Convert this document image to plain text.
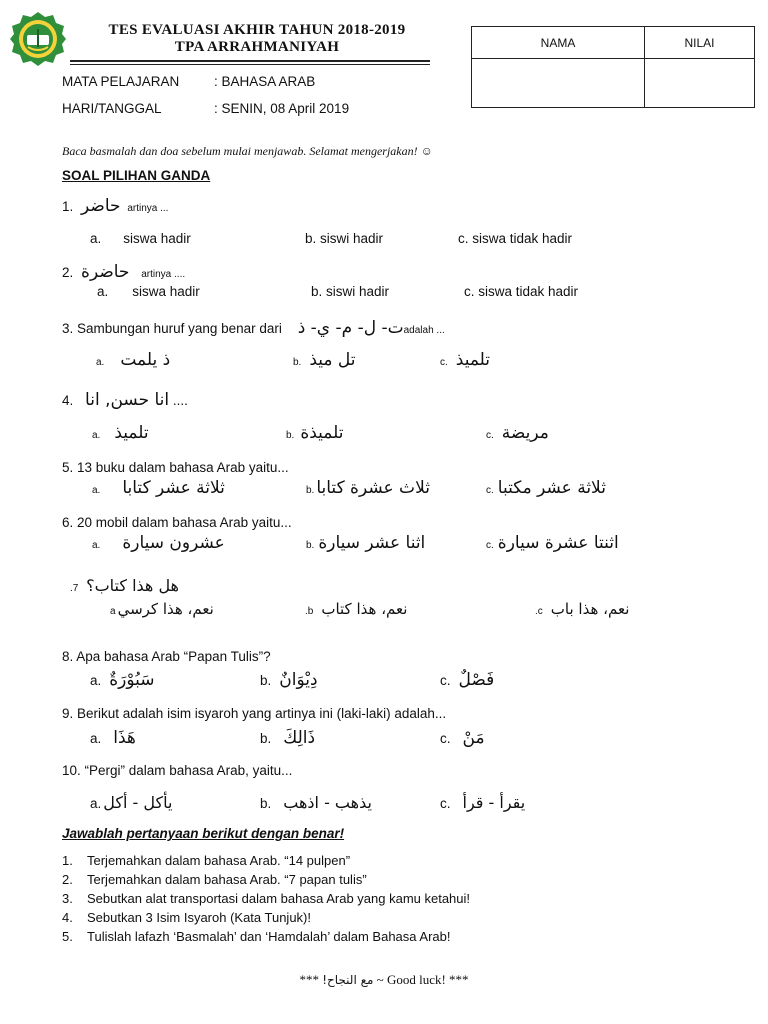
TES EVALUASI AKHIR TAHUN 2018-2019
TPA ARRAHMANIYAH	NAMA	NILAI

MATA PELAJARAN	: BAHASA ARAB
HARI/TANGGAL	: SENIN, 08 April 2019
Baca basmalah dan doa sebelum mulai menjawab. Selamat mengerjakan! ☺
SOAL PILIHAN GANDA
1. حاضر artinya ...
a. siswa hadir	b. siswi hadir	c. siswa tidak hadir
2. حاضرة artinya ....
a. siswa hadir	b. siswi hadir	c. siswa tidak hadir
3. Sambungan huruf yang benar dari ت- ل- م- ي- ذadalah ...
a. ذ يلمت	b. تل ميذ	c. تلميذ
4. انا حسن, انا ....
a. تلميذ	b. تلميذة	c. مريضة
5. 13 buku dalam bahasa Arab yaitu...
a. ثلاثة عشر كتابا	b. ثلاث عشرة كتابا	c. ثلاثة عشر مكتبا
6. 20 mobil dalam bahasa Arab yaitu...
a. عشرون سيارة	b. اثنا عشر سيارة	c. اثنتا عشرة سيارة
.7 هل هذا كتاب؟
a نعم، هذا كرسي	.b نعم، هذا كتاب	.c نعم، هذا باب
8. Apa bahasa Arab “Papan Tulis”?
a. سَبُوْرَةٌ	b. دِيْوَانٌ	c. فَصْلٌ
9. Berikut adalah isim isyaroh yang artinya ini (laki-laki) adalah...
a. هَذَا	b. ذَالِكَ	c. مَنْ
10. “Pergi” dalam bahasa Arab, yaitu...
a. يأكل - أكل	b. يذهب - اذهب	c. يقرأ - قرأ
Jawablah pertanyaan berikut dengan benar!
1. Terjemahkan dalam bahasa Arab. “14 pulpen”
2. Terjemahkan dalam bahasa Arab. “7 papan tulis”
3. Sebutkan alat transportasi dalam bahasa Arab yang kamu ketahui!
4. Sebutkan 3 Isim Isyaroh (Kata Tunjuk)!
5. Tulislah lafazh ‘Basmalah’ dan ‘Hamdalah’ dalam Bahasa Arab!
*** مع النجاح! ~ Good luck! ***
